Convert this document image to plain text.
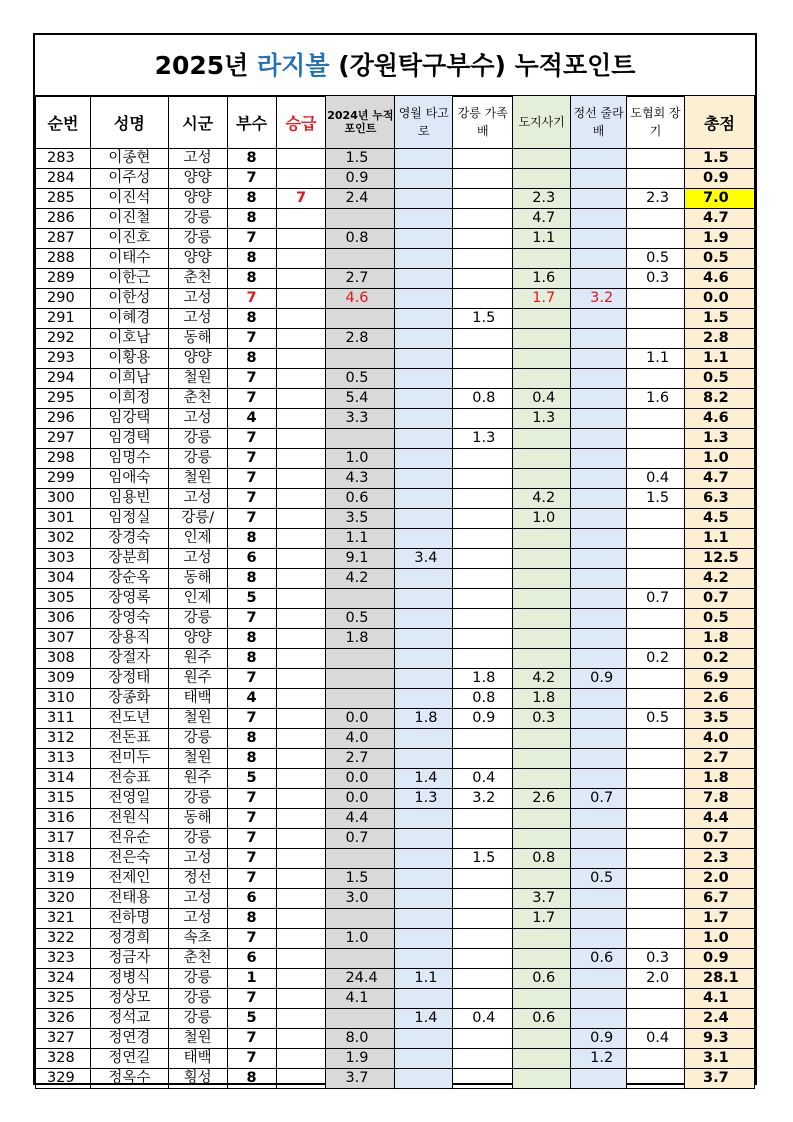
2025년 라지볼 (강원탁구부수) 누적포인트
순번	성명	시군	부수	승급	2024년 누적포인트	영월 타고로	강릉 가족배	도지사기	정선 줄라배	도협회 장기	총점
283	이종현	고성	8		1.5						1.5
284	이주성	양양	7		0.9						0.9
285	이진석	양양	8	7	2.4			2.3		2.3	7.0
286	이진철	강릉	8					4.7			4.7
287	이진호	강릉	7		0.8			1.1			1.9
288	이태수	양양	8							0.5	0.5
289	이한근	춘천	8		2.7			1.6		0.3	4.6
290	이한성	고성	7		4.6			1.7	3.2		0.0
291	이혜경	고성	8				1.5				1.5
292	이호남	동해	7		2.8						2.8
293	이황용	양양	8							1.1	1.1
294	이희남	철원	7		0.5						0.5
295	이희정	춘천	7		5.4		0.8	0.4		1.6	8.2
296	임강택	고성	4		3.3			1.3			4.6
297	임경택	강릉	7				1.3				1.3
298	임명수	강릉	7		1.0						1.0
299	임애숙	철원	7		4.3					0.4	4.7
300	임용빈	고성	7		0.6			4.2		1.5	6.3
301	임정실	강릉/	7		3.5			1.0			4.5
302	장경숙	인제	8		1.1						1.1
303	장분희	고성	6		9.1	3.4					12.5
304	장순옥	동해	8		4.2						4.2
305	장영록	인제	5							0.7	0.7
306	장영숙	강릉	7		0.5						0.5
307	장용직	양양	8		1.8						1.8
308	장절자	원주	8							0.2	0.2
309	장정태	원주	7				1.8	4.2	0.9		6.9
310	장종화	태백	4				0.8	1.8			2.6
311	전도년	철원	7		0.0	1.8	0.9	0.3		0.5	3.5
312	전돈표	강릉	8		4.0						4.0
313	전미두	철원	8		2.7						2.7
314	전승표	원주	5		0.0	1.4	0.4				1.8
315	전영일	강릉	7		0.0	1.3	3.2	2.6	0.7		7.8
316	전원식	동해	7		4.4						4.4
317	전유순	강릉	7		0.7						0.7
318	전은숙	고성	7				1.5	0.8			2.3
319	전제인	정선	7		1.5				0.5		2.0
320	전태용	고성	6		3.0			3.7			6.7
321	전하명	고성	8					1.7			1.7
322	정경희	속초	7		1.0						1.0
323	정금자	춘천	6						0.6	0.3	0.9
324	정병식	강릉	1		24.4	1.1		0.6		2.0	28.1
325	정상모	강릉	7		4.1						4.1
326	정석교	강릉	5			1.4	0.4	0.6			2.4
327	정연경	철원	7		8.0				0.9	0.4	9.3
328	정연길	태백	7		1.9				1.2		3.1
329	정옥수	횡성	8		3.7						3.7
